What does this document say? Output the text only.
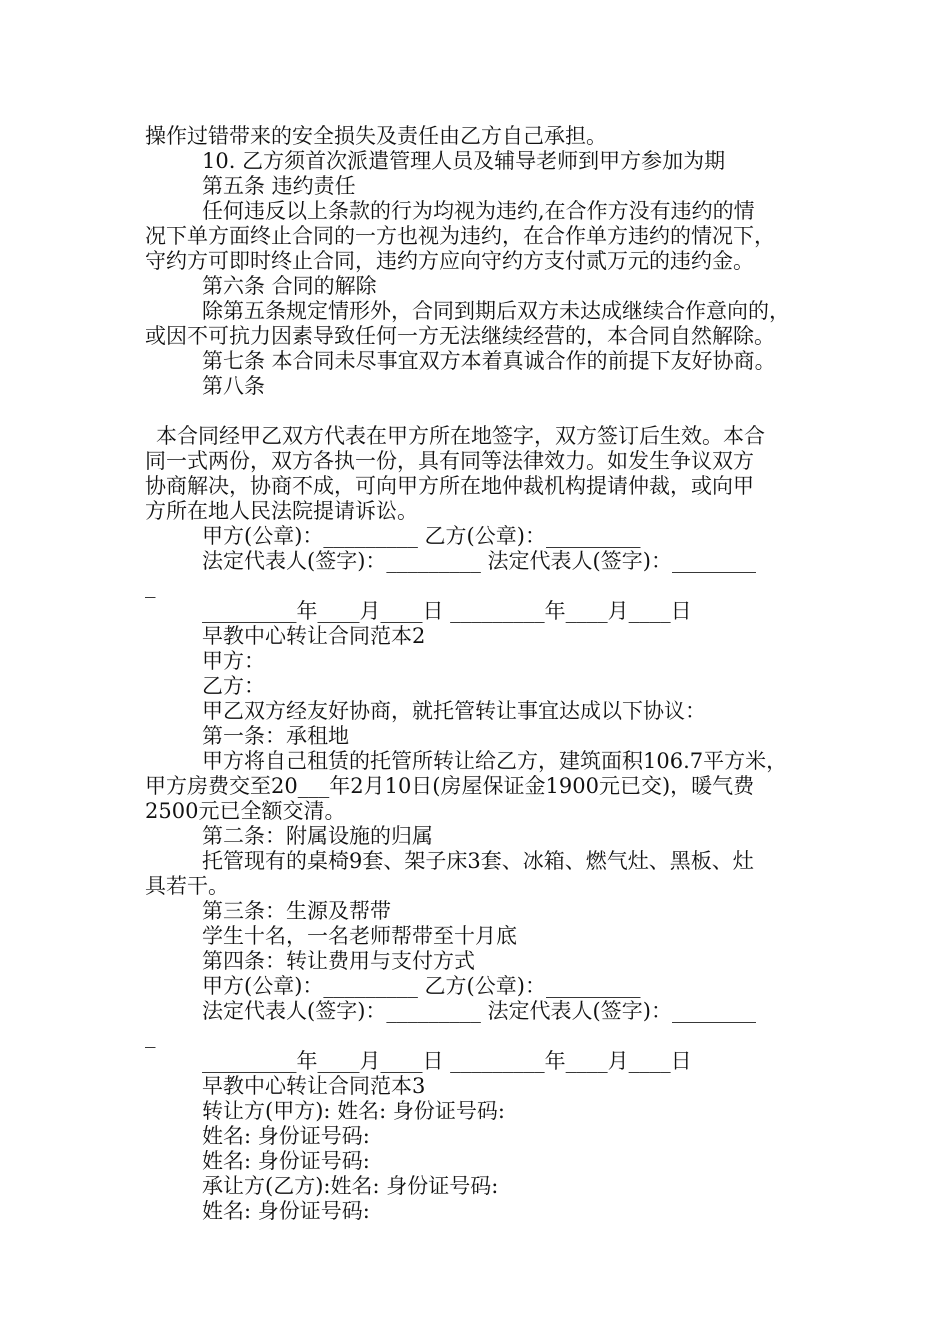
操作过错带来的安全损失及责任由乙方自己承担。
10. 乙方须首次派遣管理人员及辅导老师到甲方参加为期
第五条 违约责任
任何违反以上条款的行为均视为违约,在合作方没有违约的情
况下单方面终止合同的一方也视为违约，在合作单方违约的情况下，
守约方可即时终止合同，违约方应向守约方支付贰万元的违约金。
第六条 合同的解除
除第五条规定情形外，合同到期后双方未达成继续合作意向的，
或因不可抗力因素导致任何一方无法继续经营的，本合同自然解除。
第七条 本合同未尽事宜双方本着真诚合作的前提下友好协商。
第八条
本合同经甲乙双方代表在甲方所在地签字，双方签订后生效。本合
同一式两份，双方各执一份，具有同等法律效力。如发生争议双方
协商解决，协商不成，可向甲方所在地仲裁机构提请仲裁，或向甲
方所在地人民法院提请诉讼。
甲方(公章)：_________ 乙方(公章)：_________
法定代表人(签字)：_________ 法定代表人(签字)：________
_
_________年____月____日 _________年____月____日
早教中心转让合同范本2
甲方：
乙方：
甲乙双方经友好协商，就托管转让事宜达成以下协议：
第一条：承租地
甲方将自己租赁的托管所转让给乙方，建筑面积106.7平方米，
甲方房费交至20___年2月10日(房屋保证金1900元已交)，暖气费
2500元已全额交清。
第二条：附属设施的归属
托管现有的桌椅9套、架子床3套、冰箱、燃气灶、黑板、灶
具若干。
第三条：生源及帮带
学生十名，一名老师帮带至十月底
第四条：转让费用与支付方式
甲方(公章)：_________ 乙方(公章)：_________
法定代表人(签字)：_________ 法定代表人(签字)：________
_
_________年____月____日 _________年____月____日
早教中心转让合同范本3
转让方(甲方): 姓名: 身份证号码:
姓名: 身份证号码:
姓名: 身份证号码:
承让方(乙方):姓名: 身份证号码:
姓名: 身份证号码:
